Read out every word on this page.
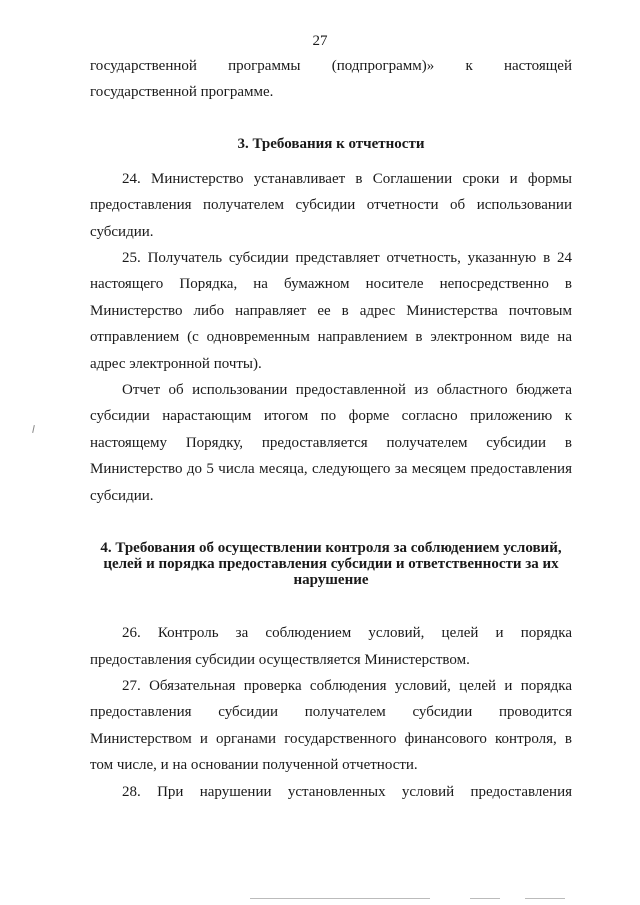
27

государственной программы (подпрограмм)» к настоящей государственной программе.

3. Требования к отчетности

24. Министерство устанавливает в Соглашении сроки и формы предоставления получателем субсидии отчетности об использовании субсидии.

25. Получатель субсидии представляет отчетность, указанную в 24 настоящего Порядка, на бумажном носителе непосредственно в Министерство либо направляет ее в адрес Министерства почтовым отправлением (с одновременным направлением в электронном виде на адрес электронной почты).

Отчет об использовании предоставленной из областного бюджета субсидии нарастающим итогом по форме согласно приложению к настоящему Порядку, предоставляется получателем субсидии в Министерство до 5 числа месяца, следующего за месяцем предоставления субсидии.

4. Требования об осуществлении контроля за соблюдением условий, целей и порядка предоставления субсидии и ответственности за их нарушение

26. Контроль за соблюдением условий, целей и порядка предоставления субсидии осуществляется Министерством.

27. Обязательная проверка соблюдения условий, целей и порядка предоставления субсидии получателем субсидии проводится Министерством и органами государственного финансового контроля, в том числе, и на основании полученной отчетности.

28. При нарушении установленных условий предоставления
